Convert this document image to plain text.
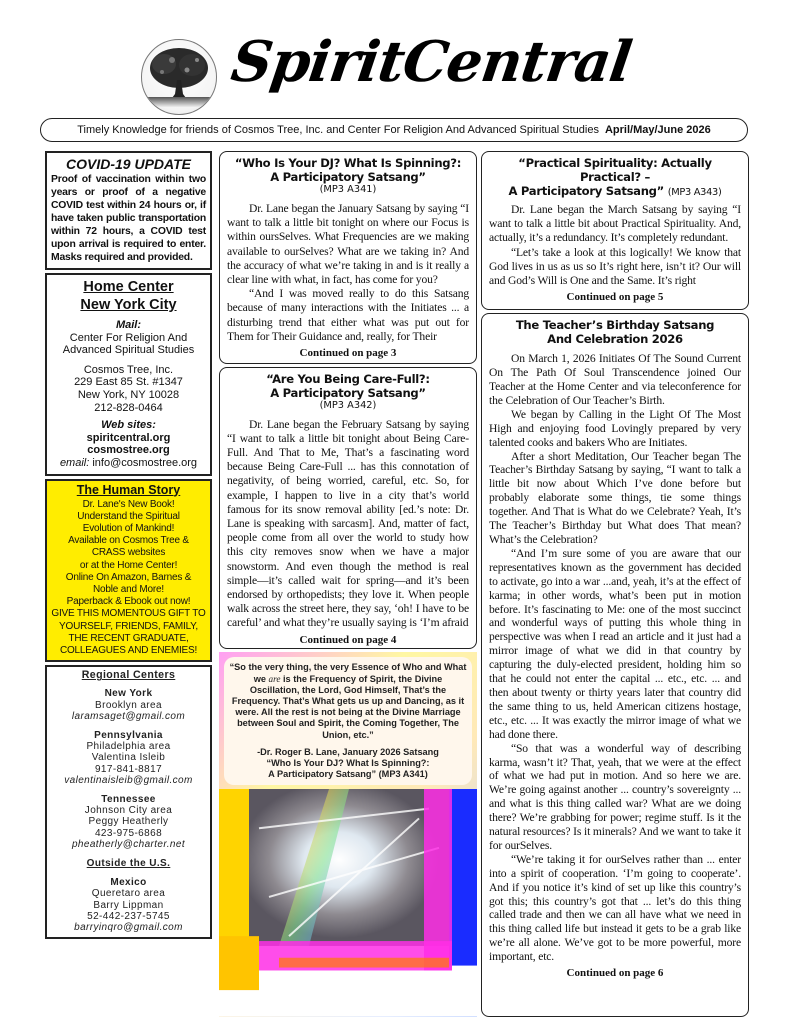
SpiritCentral
Timely Knowledge for friends of Cosmos Tree, Inc. and Center For Religion And Advanced Spiritual Studies April/May/June 2026
COVID-19 UPDATE

Proof of vaccination within two years or proof of a negative COVID test within 24 hours or, if have taken public transportation within 72 hours, a COVID test upon arrival is required to enter. Masks required and provided.

Home Center
New York City
Mail:
Center For Religion And
Advanced Spiritual Studies
Cosmos Tree, Inc.
229 East 85 St. #1347
New York, NY 10028
212-828-0464
Web sites:
spiritcentral.org
cosmostree.org
email: info@cosmostree.org
The Human Story
Dr. Lane's New Book!
Understand the Spiritual
Evolution of Mankind!
Available on Cosmos Tree &
CRASS websites
or at the Home Center!
Online On Amazon, Barnes &
Noble and More!
Paperback & Ebook out now!
GIVE THIS MOMENTOUS GIFT TO
YOURSELF, FRIENDS, FAMILY,
THE RECENT GRADUATE,
COLLEAGUES AND ENEMIES!
Regional Centers
New York
Brooklyn area
laramsaget@gmail.com
Pennsylvania
Philadelphia area
Valentina Isleib
917-841-8817
valentinaisleib@gmail.com
Tennessee
Johnson City area
Peggy Heatherly
423-975-6868
pheatherly@charter.net
Outside the U.S.
Mexico
Queretaro area
Barry Lippman
52-442-237-5745
barryinqro@gmail.com
“Who Is Your DJ? What Is Spinning?:
A Participatory Satsang”
(MP3 A341)

Dr. Lane began the January Satsang by saying “I want to talk a little bit tonight on where our Focus is within oursSelves. What Frequencies are we making available to ourSelves? What are we taking in? And the accuracy of what we’re taking in and is it really a clear line with what, in fact, has come for you?

“And I was moved really to do this Satsang because of many interactions with the Initiates ... a disturbing trend that either what was put out for Them for Their Guidance and, really, for Their

Continued on page 3
“Are You Being Care-Full?:
A Participatory Satsang”
(MP3 A342)

Dr. Lane began the February Satsang by saying “I want to talk a little bit tonight about Being Care-Full. And That to Me, That’s a fascinating word because Being Care-Full ... has this connotation of negativity, of being worried, careful, etc. So, for example, I happen to live in a city that’s world famous for its snow removal ability [ed.’s note: Dr. Lane is speaking with sarcasm]. And, matter of fact, people come from all over the world to study how this city removes snow when we have a major snowstorm. And even though the method is real simple—it’s called wait for spring—and it’s been endorsed by orthopedists; they love it. When people walk across the street here, they say, ‘oh! I have to be careful’ and what they’re usually saying is ‘I’m afraid

Continued on page 4
“So the very thing, the very Essence of Who and What we are is the Frequency of Spirit, the Divine Oscillation, the Lord, God Himself, That’s the Frequency. That’s What gets us up and Dancing, as it were. All the rest is not being at the Divine Marriage between Soul and Spirit, the Coming Together, The Union, etc.”
-Dr. Roger B. Lane, January 2026 Satsang
“Who Is Your DJ? What Is Spinning?:
A Participatory Satsang” (MP3 A341)
“Practical Spirituality: Actually Practical? –
A Participatory Satsang” (MP3 A343)

Dr. Lane began the March Satsang by saying “I want to talk a little bit about Practical Spirituality. And, actually, it’s a redundancy. It’s completely redundant.

“Let’s take a look at this logically! We know that God lives in us as us so It’s right here, isn’t it? Our will and God’s Will is One and the Same. It’s right

Continued on page 5
The Teacher’s Birthday Satsang
And Celebration 2026

On March 1, 2026 Initiates Of The Sound Current On The Path Of Soul Transcendence joined Our Teacher at the Home Center and via teleconference for the Celebration of Our Teacher’s Birth.

We began by Calling in the Light Of The Most High and enjoying food Lovingly prepared by very talented cooks and bakers Who are Initiates.

After a short Meditation, Our Teacher began The Teacher’s Birthday Satsang by saying, “I want to talk a little bit now about Which I’ve done before but probably elaborate some things, tie some things together. And That is What do we Celebrate? Yeah, It’s The Teacher’s Birthday but What does That mean? What’s the Celebration?

“And I’m sure some of you are aware that our representatives known as the government has decided to activate, go into a war ...and, yeah, it’s at the effect of karma; in other words, what’s been put in motion before. It’s fascinating to Me: one of the most succinct and wonderful ways of putting this whole thing in perspective was when I read an article and it just had a mirror image of what we did in that country by capturing the duly-elected president, holding him so that he could not enter the capital ... etc., etc. ... and then about twenty or thirty years later that country did the same thing to us, held American citizens hostage, etc., etc. ... It was exactly the mirror image of what we had done there.

“So that was a wonderful way of describing karma, wasn’t it? That, yeah, that we were at the effect of what we had put in motion. And so here we are. We’re going against another ... country’s sovereignty ... and what is this thing called war? What are we doing there? We’re grabbing for power; regime stuff. Is it the natural resources? Is it minerals? And we want to take it for ourSelves.

“We’re taking it for ourSelves rather than ... enter into a spirit of cooperation. ‘I’m going to cooperate’. And if you notice it’s kind of set up like this country’s got this; this country’s got that ... let’s do this thing called trade and then we can all have what we need in this thing called life but instead it gets to be a grab like we’re all alone. We’ve got to be more powerful, more important, etc.

Continued on page 6
